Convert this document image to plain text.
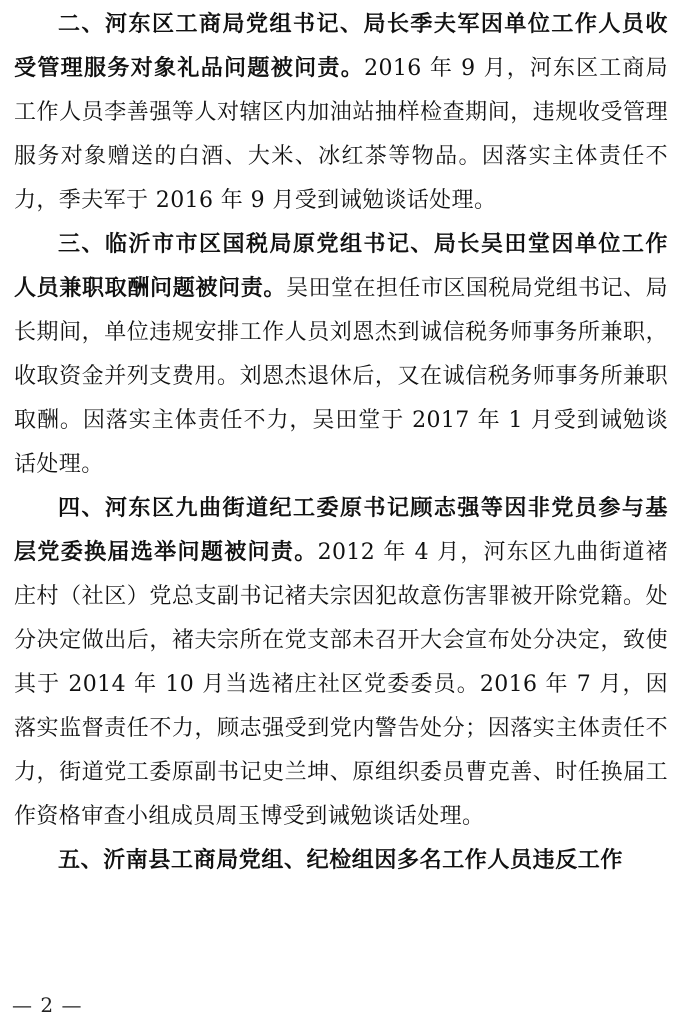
二、河东区工商局党组书记、局长季夫军因单位工作人员收受管理服务对象礼品问题被问责。2016 年 9 月，河东区工商局工作人员李善强等人对辖区内加油站抽样检查期间，违规收受管理服务对象赠送的白酒、大米、冰红茶等物品。因落实主体责任不力，季夫军于 2016 年 9 月受到诫勉谈话处理。

三、临沂市市区国税局原党组书记、局长吴田堂因单位工作人员兼职取酬问题被问责。吴田堂在担任市区国税局党组书记、局长期间，单位违规安排工作人员刘恩杰到诚信税务师事务所兼职，收取资金并列支费用。刘恩杰退休后，又在诚信税务师事务所兼职取酬。因落实主体责任不力，吴田堂于 2017 年 1 月受到诫勉谈话处理。

四、河东区九曲街道纪工委原书记顾志强等因非党员参与基层党委换届选举问题被问责。2012 年 4 月，河东区九曲街道褚庄村（社区）党总支副书记褚夫宗因犯故意伤害罪被开除党籍。处分决定做出后，褚夫宗所在党支部未召开大会宣布处分决定，致使其于 2014 年 10 月当选褚庄社区党委委员。2016 年 7 月，因落实监督责任不力，顾志强受到党内警告处分；因落实主体责任不力，街道党工委原副书记史兰坤、原组织委员曹克善、时任换届工作资格审查小组成员周玉博受到诫勉谈话处理。

五、沂南县工商局党组、纪检组因多名工作人员违反工作

— 2 —
